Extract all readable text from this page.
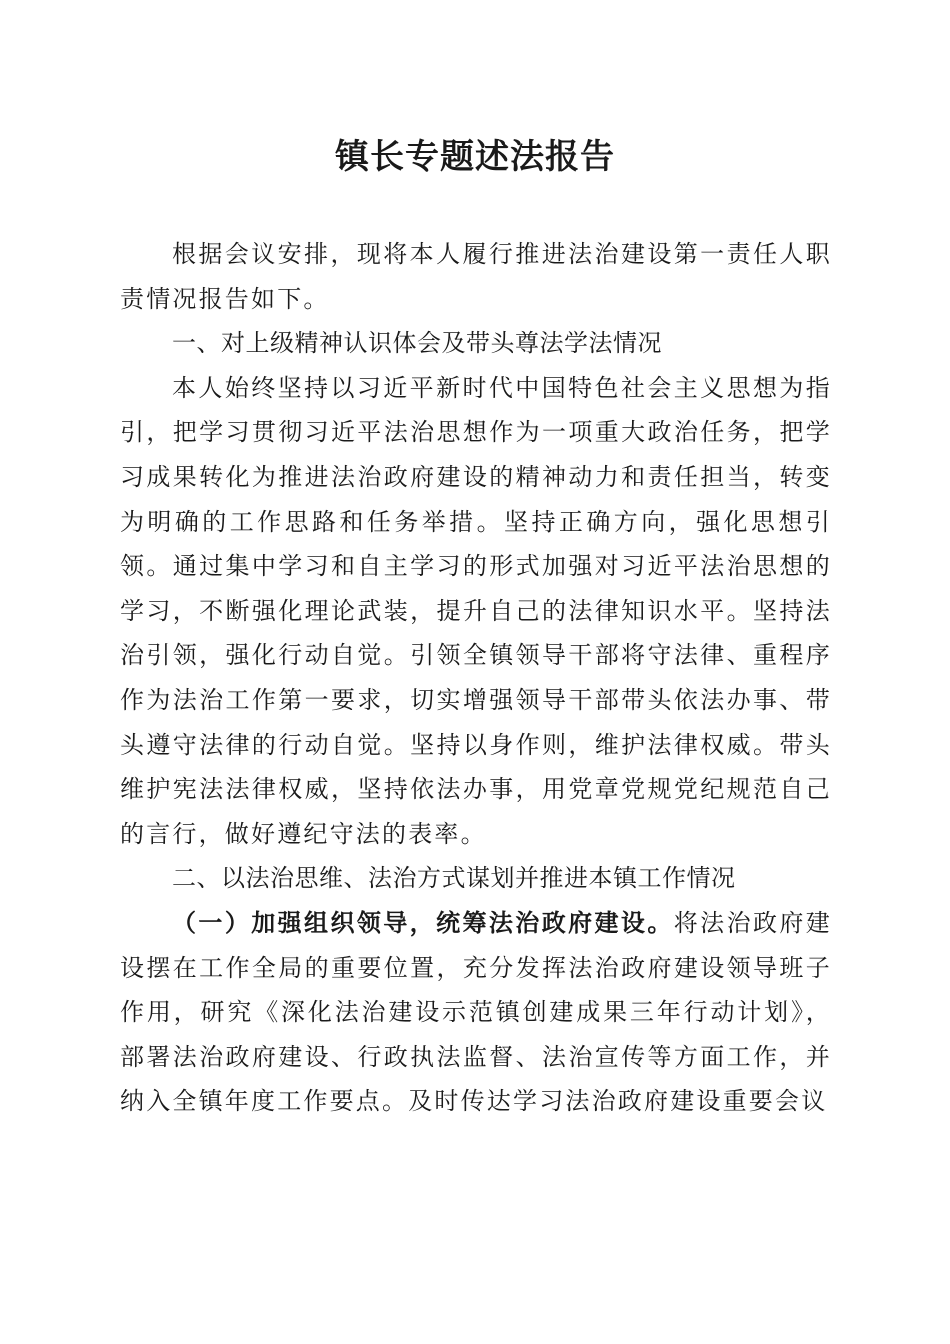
镇长专题述法报告

根据会议安排，现将本人履行推进法治建设第一责任人职责情况报告如下。

一、对上级精神认识体会及带头尊法学法情况

本人始终坚持以习近平新时代中国特色社会主义思想为指引，把学习贯彻习近平法治思想作为一项重大政治任务，把学习成果转化为推进法治政府建设的精神动力和责任担当，转变为明确的工作思路和任务举措。坚持正确方向，强化思想引领。通过集中学习和自主学习的形式加强对习近平法治思想的学习，不断强化理论武装，提升自己的法律知识水平。坚持法治引领，强化行动自觉。引领全镇领导干部将守法律、重程序作为法治工作第一要求，切实增强领导干部带头依法办事、带头遵守法律的行动自觉。坚持以身作则，维护法律权威。带头维护宪法法律权威，坚持依法办事，用党章党规党纪规范自己的言行，做好遵纪守法的表率。

二、以法治思维、法治方式谋划并推进本镇工作情况

（一）加强组织领导，统筹法治政府建设。将法治政府建设摆在工作全局的重要位置，充分发挥法治政府建设领导班子作用，研究《深化法治建设示范镇创建成果三年行动计划》，部署法治政府建设、行政执法监督、法治宣传等方面工作，并纳入全镇年度工作要点。及时传达学习法治政府建设重要会议
